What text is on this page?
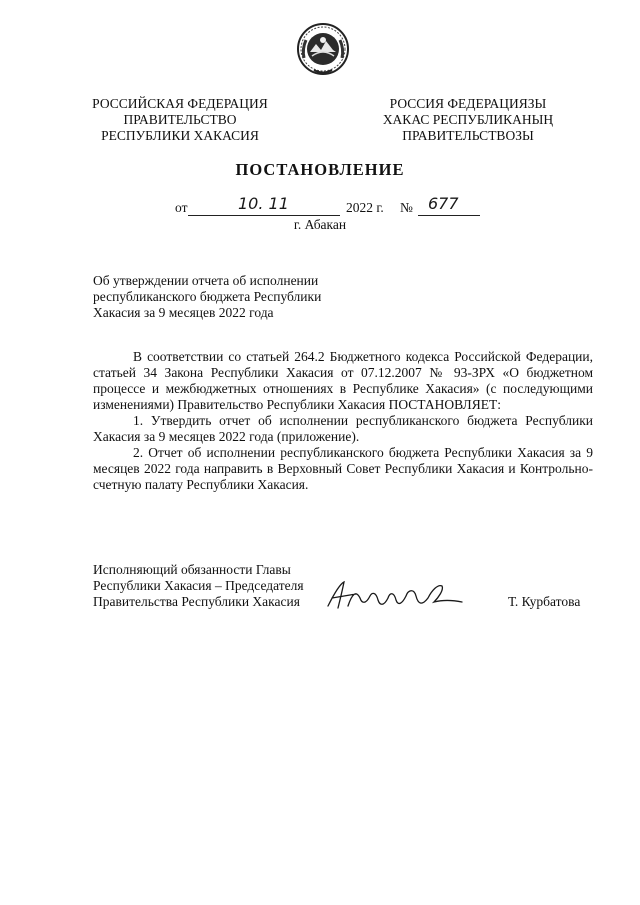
РОССИЙСКАЯ ФЕДЕРАЦИЯ
ПРАВИТЕЛЬСТВО
РЕСПУБЛИКИ ХАКАСИЯ
РОССИЯ ФЕДЕРАЦИЯЗЫ
ХАКАС РЕСПУБЛИКАНЫҢ
ПРАВИТЕЛЬСТВОЗЫ
ПОСТАНОВЛЕНИЕ
от	10. 11	2022 г. № 677
г. Абакан
Об утверждении отчета об исполнении
республиканского бюджета Республики
Хакасия за 9 месяцев 2022 года

В соответствии со статьей 264.2 Бюджетного кодекса Российской Федерации, статьей 34 Закона Республики Хакасия от 07.12.2007 № 93-ЗРХ «О бюджетном процессе и межбюджетных отношениях в Республике Хакасия» (с последующими изменениями) Правительство Республики Хакасия ПОСТАНОВЛЯЕТ:

1. Утвердить отчет об исполнении республиканского бюджета Республики Хакасия за 9 месяцев 2022 года (приложение).

2. Отчет об исполнении республиканского бюджета Республики Хакасия за 9 месяцев 2022 года направить в Верховный Совет Республики Хакасия и Контрольно-счетную палату Республики Хакасия.

Исполняющий обязанности Главы
Республики Хакасия – Председателя
Правительства Республики Хакасия	Т. Курбатова
